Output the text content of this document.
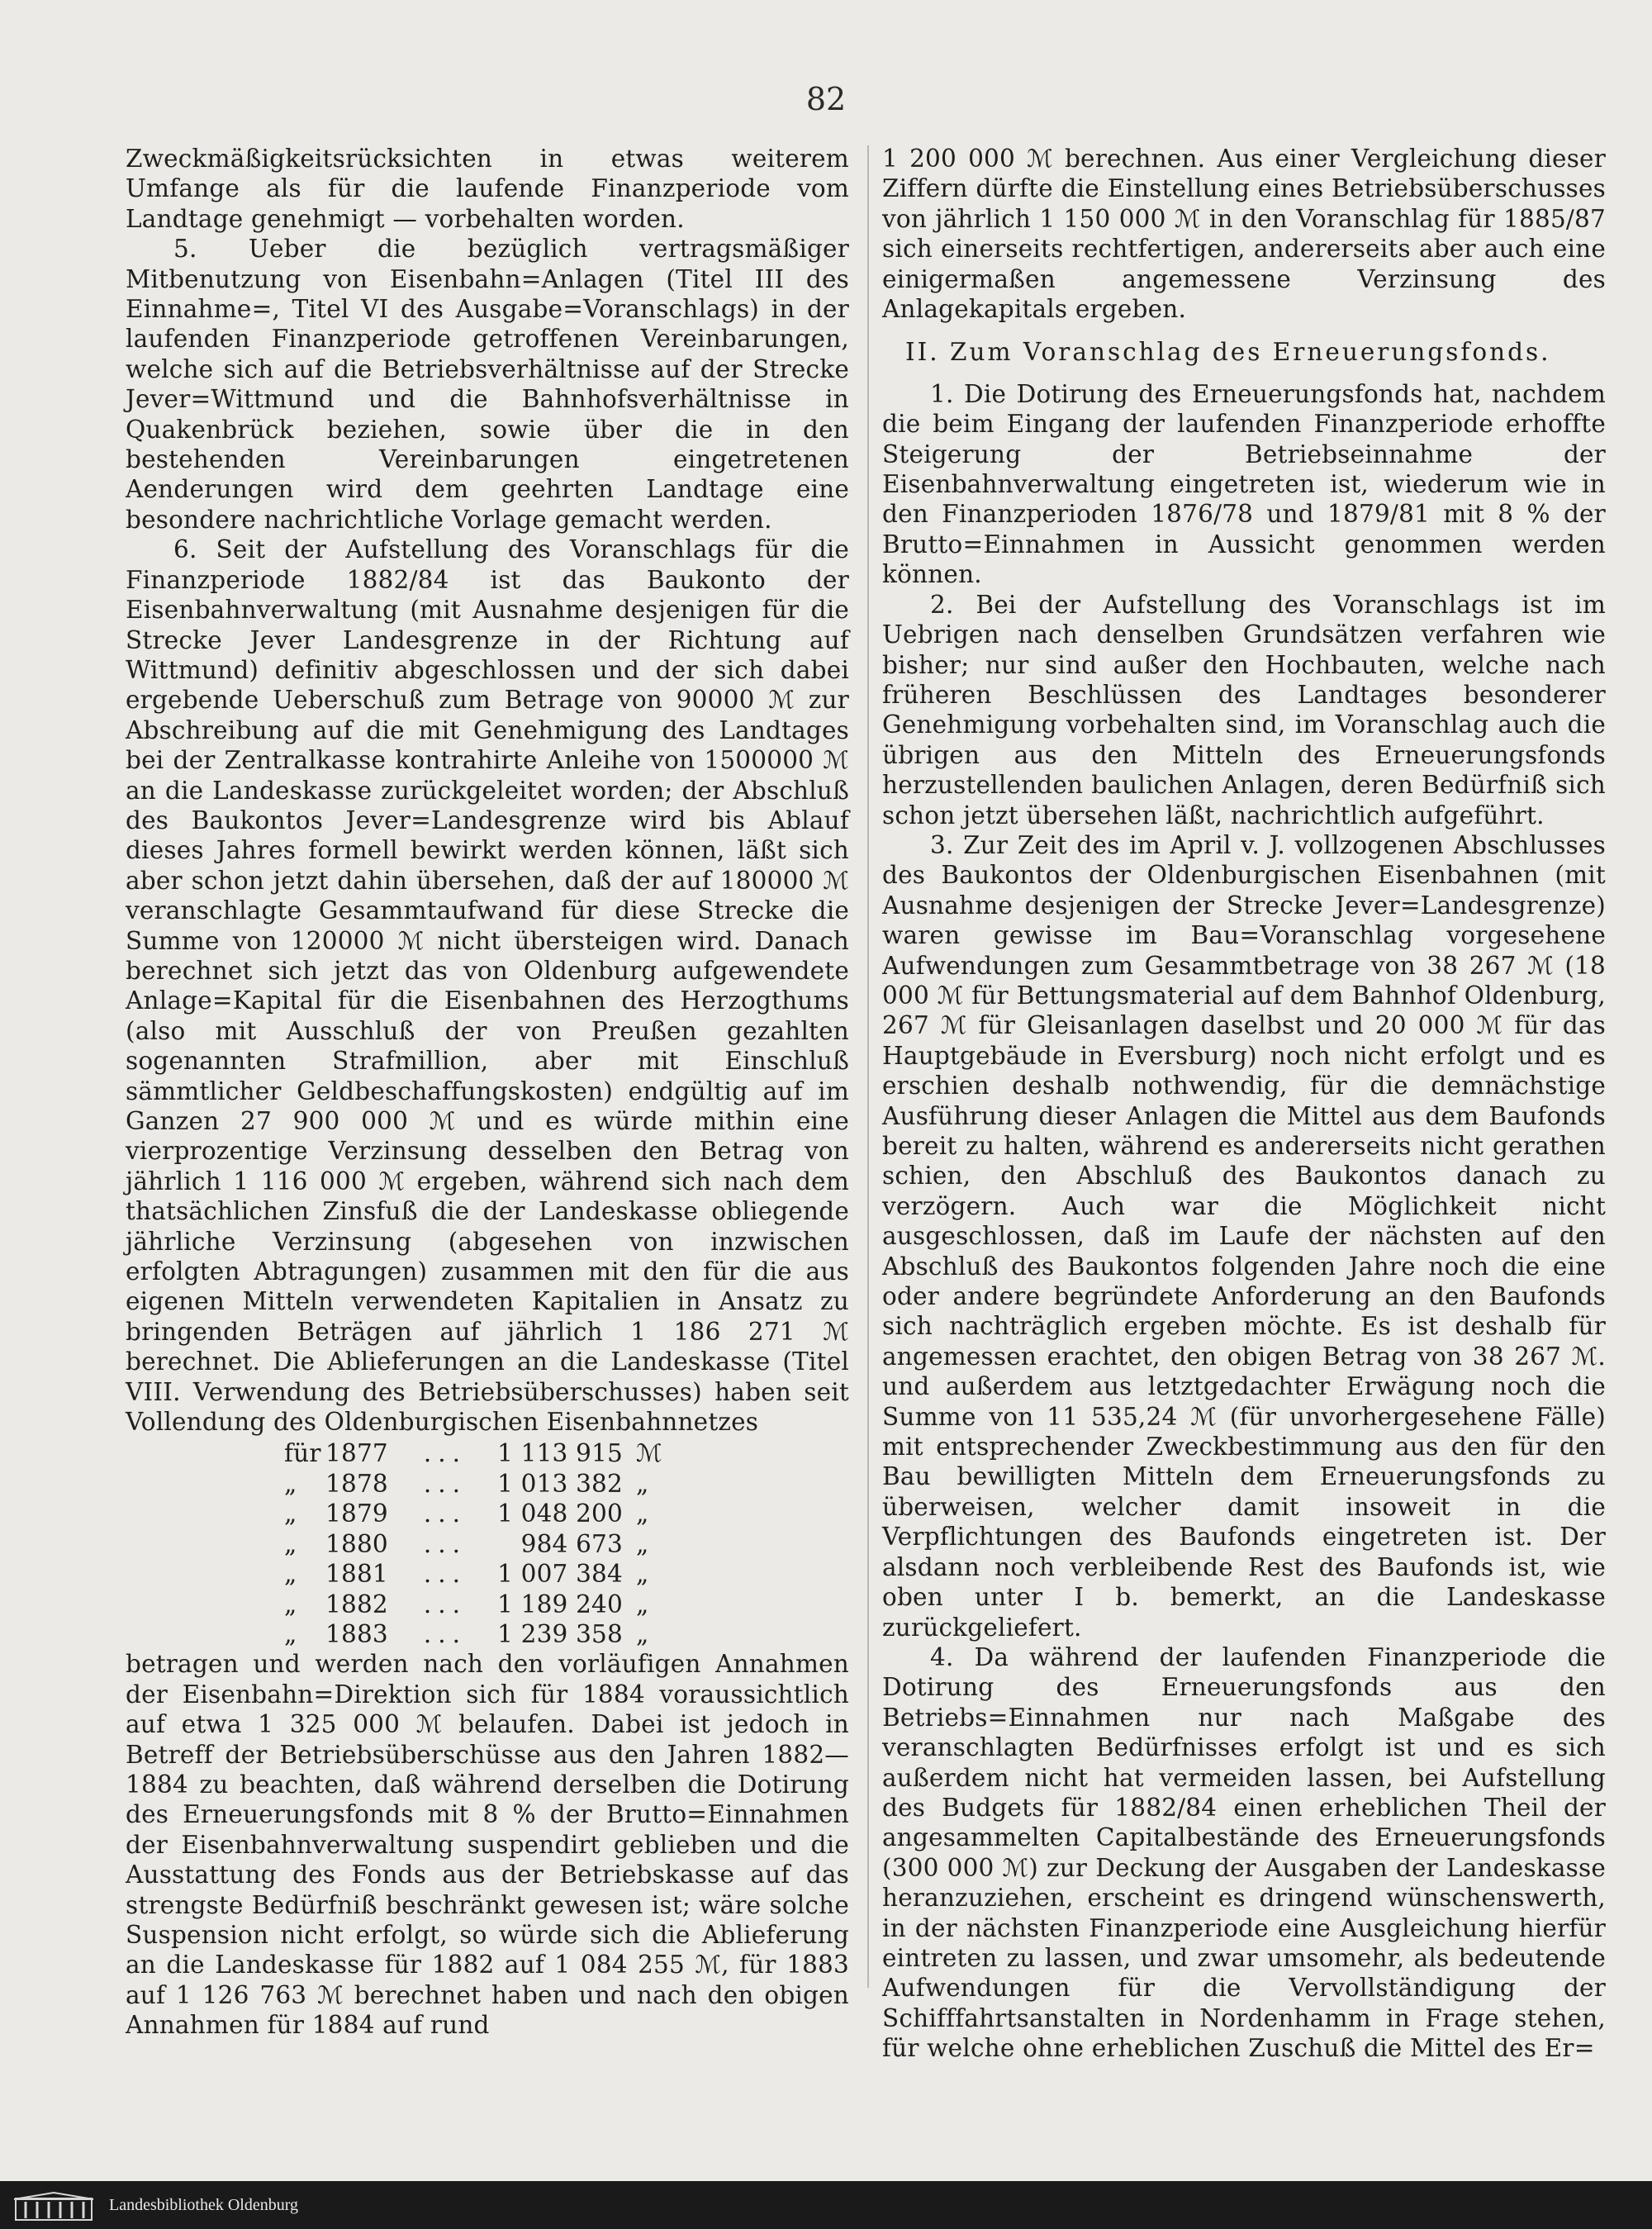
82

Zweckmäßigkeitsrücksichten in etwas weiterem Umfange als für die laufende Finanzperiode vom Landtage genehmigt — vorbehalten worden.

5. Ueber die bezüglich vertragsmäßiger Mitbenutzung von Eisenbahn=Anlagen (Titel III des Einnahme=, Titel VI des Ausgabe=Voranschlags) in der laufenden Finanzperiode getroffenen Vereinbarungen, welche sich auf die Betriebsverhältnisse auf der Strecke Jever=Wittmund und die Bahnhofsverhältnisse in Quakenbrück beziehen, sowie über die in den bestehenden Vereinbarungen eingetretenen Aenderungen wird dem geehrten Landtage eine besondere nachrichtliche Vorlage gemacht werden.

6. Seit der Aufstellung des Voranschlags für die Finanzperiode 1882/84 ist das Baukonto der Eisenbahnverwaltung (mit Ausnahme desjenigen für die Strecke Jever Landesgrenze in der Richtung auf Wittmund) definitiv abgeschlossen und der sich dabei ergebende Ueberschuß zum Betrage von 90000 ℳ zur Abschreibung auf die mit Genehmigung des Landtages bei der Zentralkasse kontrahirte Anleihe von 1500000 ℳ an die Landeskasse zurückgeleitet worden; der Abschluß des Baukontos Jever=Landesgrenze wird bis Ablauf dieses Jahres formell bewirkt werden können, läßt sich aber schon jetzt dahin übersehen, daß der auf 180000 ℳ veranschlagte Gesammtaufwand für diese Strecke die Summe von 120000 ℳ nicht übersteigen wird. Danach berechnet sich jetzt das von Oldenburg aufgewendete Anlage=Kapital für die Eisenbahnen des Herzogthums (also mit Ausschluß der von Preußen gezahlten sogenannten Strafmillion, aber mit Einschluß sämmtlicher Geldbeschaffungskosten) endgültig auf im Ganzen 27 900 000 ℳ und es würde mithin eine vierprozentige Verzinsung desselben den Betrag von jährlich 1 116 000 ℳ ergeben, während sich nach dem thatsächlichen Zinsfuß die der Landeskasse obliegende jährliche Verzinsung (abgesehen von inzwischen erfolgten Abtragungen) zusammen mit den für die aus eigenen Mitteln verwendeten Kapitalien in Ansatz zu bringenden Beträgen auf jährlich 1 186 271 ℳ berechnet. Die Ablieferungen an die Landeskasse (Titel VIII. Verwendung des Betriebsüberschusses) haben seit Vollendung des Oldenburgischen Eisenbahnnetzes

für	1877	...	1 113 915	ℳ
„	1878	...	1 013 382	„
„	1879	...	1 048 200	„
„	1880	...	984 673	„
„	1881	...	1 007 384	„
„	1882	...	1 189 240	„
„	1883	...	1 239 358	„

betragen und werden nach den vorläufigen Annahmen der Eisenbahn=Direktion sich für 1884 voraussichtlich auf etwa 1 325 000 ℳ belaufen. Dabei ist jedoch in Betreff der Betriebsüberschüsse aus den Jahren 1882—1884 zu beachten, daß während derselben die Dotirung des Erneuerungsfonds mit 8 % der Brutto=Einnahmen der Eisenbahnverwaltung suspendirt geblieben und die Ausstattung des Fonds aus der Betriebskasse auf das strengste Bedürfniß beschränkt gewesen ist; wäre solche Suspension nicht erfolgt, so würde sich die Ablieferung an die Landeskasse für 1882 auf 1 084 255 ℳ, für 1883 auf 1 126 763 ℳ berechnet haben und nach den obigen Annahmen für 1884 auf rund

1 200 000 ℳ berechnen. Aus einer Vergleichung dieser Ziffern dürfte die Einstellung eines Betriebsüberschusses von jährlich 1 150 000 ℳ in den Voranschlag für 1885/87 sich einerseits rechtfertigen, andererseits aber auch eine einigermaßen angemessene Verzinsung des Anlagekapitals ergeben.

II. Zum Voranschlag des Erneuerungsfonds.

1. Die Dotirung des Erneuerungsfonds hat, nachdem die beim Eingang der laufenden Finanzperiode erhoffte Steigerung der Betriebseinnahme der Eisenbahnverwaltung eingetreten ist, wiederum wie in den Finanzperioden 1876/78 und 1879/81 mit 8 % der Brutto=Einnahmen in Aussicht genommen werden können.

2. Bei der Aufstellung des Voranschlags ist im Uebrigen nach denselben Grundsätzen verfahren wie bisher; nur sind außer den Hochbauten, welche nach früheren Beschlüssen des Landtages besonderer Genehmigung vorbehalten sind, im Voranschlag auch die übrigen aus den Mitteln des Erneuerungsfonds herzustellenden baulichen Anlagen, deren Bedürfniß sich schon jetzt übersehen läßt, nachrichtlich aufgeführt.

3. Zur Zeit des im April v. J. vollzogenen Abschlusses des Baukontos der Oldenburgischen Eisenbahnen (mit Ausnahme desjenigen der Strecke Jever=Landesgrenze) waren gewisse im Bau=Voranschlag vorgesehene Aufwendungen zum Gesammtbetrage von 38 267 ℳ (18 000 ℳ für Bettungsmaterial auf dem Bahnhof Oldenburg, 267 ℳ für Gleisanlagen daselbst und 20 000 ℳ für das Hauptgebäude in Eversburg) noch nicht erfolgt und es erschien deshalb nothwendig, für die demnächstige Ausführung dieser Anlagen die Mittel aus dem Baufonds bereit zu halten, während es andererseits nicht gerathen schien, den Abschluß des Baukontos danach zu verzögern. Auch war die Möglichkeit nicht ausgeschlossen, daß im Laufe der nächsten auf den Abschluß des Baukontos folgenden Jahre noch die eine oder andere begründete Anforderung an den Baufonds sich nachträglich ergeben möchte. Es ist deshalb für angemessen erachtet, den obigen Betrag von 38 267 ℳ. und außerdem aus letztgedachter Erwägung noch die Summe von 11 535,24 ℳ (für unvorhergesehene Fälle) mit entsprechender Zweckbestimmung aus den für den Bau bewilligten Mitteln dem Erneuerungsfonds zu überweisen, welcher damit insoweit in die Verpflichtungen des Baufonds eingetreten ist. Der alsdann noch verbleibende Rest des Baufonds ist, wie oben unter I b. bemerkt, an die Landeskasse zurückgeliefert.

4. Da während der laufenden Finanzperiode die Dotirung des Erneuerungsfonds aus den Betriebs=Einnahmen nur nach Maßgabe des veranschlagten Bedürfnisses erfolgt ist und es sich außerdem nicht hat vermeiden lassen, bei Aufstellung des Budgets für 1882/84 einen erheblichen Theil der angesammelten Capitalbestände des Erneuerungsfonds (300 000 ℳ) zur Deckung der Ausgaben der Landeskasse heranzuziehen, erscheint es dringend wünschenswerth, in der nächsten Finanzperiode eine Ausgleichung hierfür eintreten zu lassen, und zwar umsomehr, als bedeutende Aufwendungen für die Vervollständigung der Schifffahrtsanstalten in Nordenhamm in Frage stehen, für welche ohne erheblichen Zuschuß die Mittel des Er=

Landesbibliothek Oldenburg
